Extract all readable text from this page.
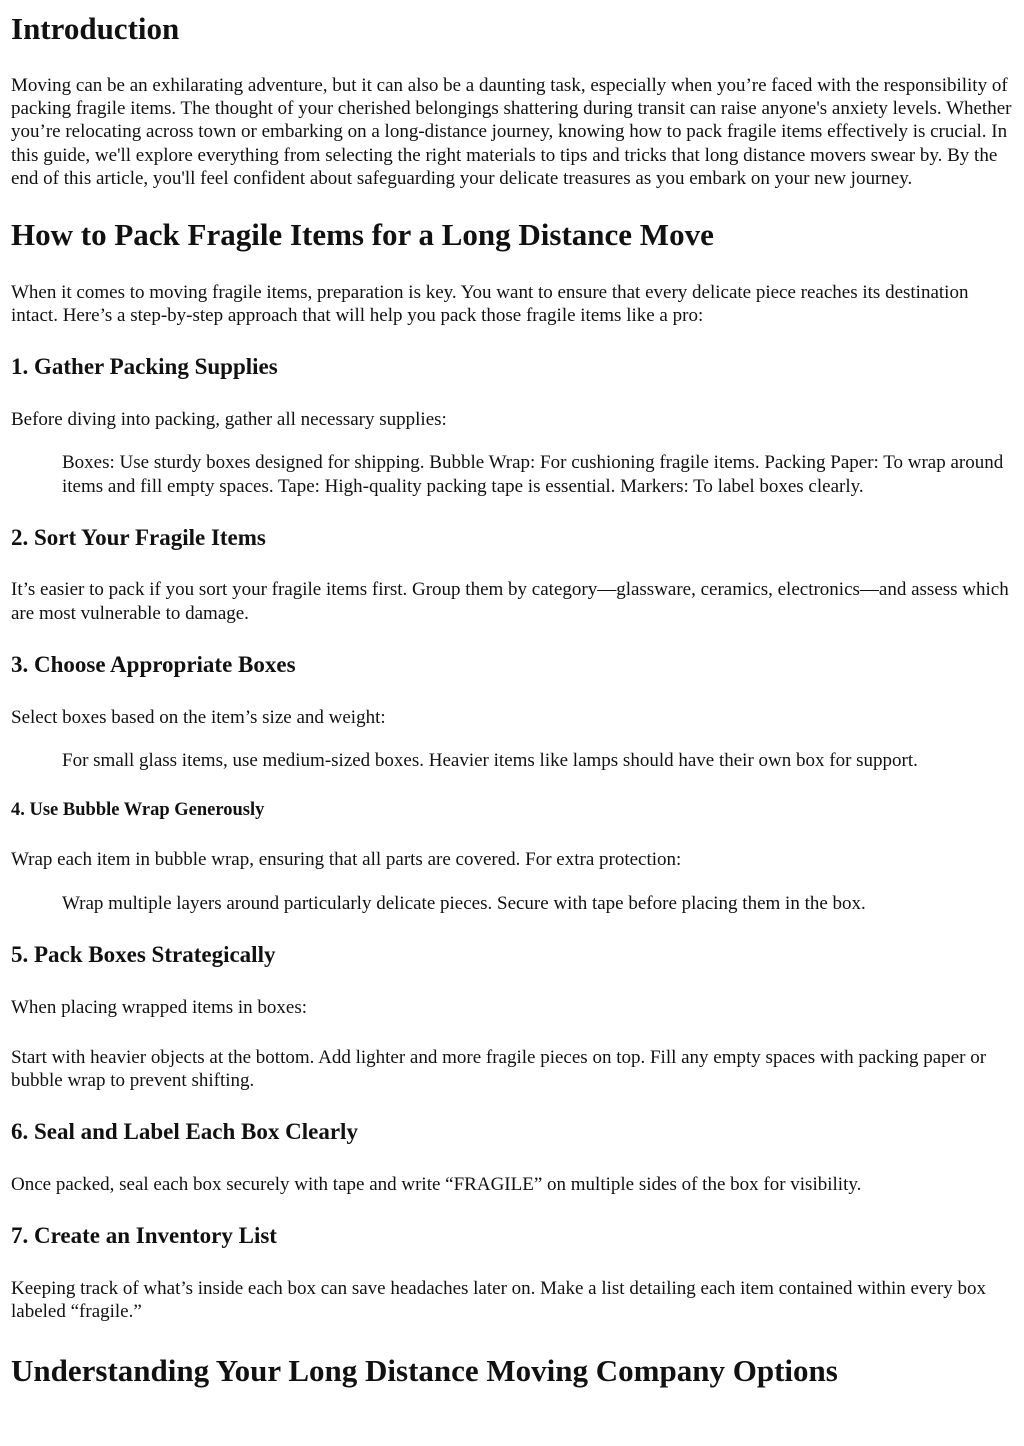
Introduction

Moving can be an exhilarating adventure, but it can also be a daunting task, especially when you’re faced with the responsibility of packing fragile items. The thought of your cherished belongings shattering during transit can raise anyone's anxiety levels. Whether you’re relocating across town or embarking on a long-distance journey, knowing how to pack fragile items effectively is crucial. In this guide, we'll explore everything from selecting the right materials to tips and tricks that long distance movers swear by. By the end of this article, you'll feel confident about safeguarding your delicate treasures as you embark on your new journey.

How to Pack Fragile Items for a Long Distance Move

When it comes to moving fragile items, preparation is key. You want to ensure that every delicate piece reaches its destination intact. Here’s a step-by-step approach that will help you pack those fragile items like a pro:

1. Gather Packing Supplies

Before diving into packing, gather all necessary supplies:

Boxes: Use sturdy boxes designed for shipping. Bubble Wrap: For cushioning fragile items. Packing Paper: To wrap around items and fill empty spaces. Tape: High-quality packing tape is essential. Markers: To label boxes clearly.
2. Sort Your Fragile Items

It’s easier to pack if you sort your fragile items first. Group them by category—glassware, ceramics, electronics—and assess which are most vulnerable to damage.

3. Choose Appropriate Boxes

Select boxes based on the item’s size and weight:

For small glass items, use medium-sized boxes. Heavier items like lamps should have their own box for support.
4. Use Bubble Wrap Generously

Wrap each item in bubble wrap, ensuring that all parts are covered. For extra protection:

Wrap multiple layers around particularly delicate pieces. Secure with tape before placing them in the box.
5. Pack Boxes Strategically

When placing wrapped items in boxes:

Start with heavier objects at the bottom. Add lighter and more fragile pieces on top. Fill any empty spaces with packing paper or bubble wrap to prevent shifting.

6. Seal and Label Each Box Clearly

Once packed, seal each box securely with tape and write “FRAGILE” on multiple sides of the box for visibility.

7. Create an Inventory List

Keeping track of what’s inside each box can save headaches later on. Make a list detailing each item contained within every box labeled “fragile.”

Understanding Your Long Distance Moving Company Options
